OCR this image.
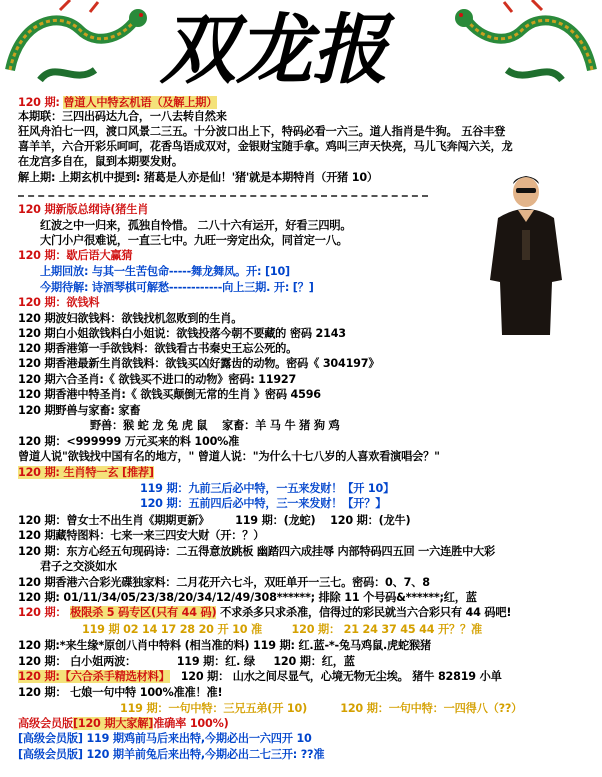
双龙报
120 期: 曾道人中特玄机语（及解上期）
本期联：三四出码达九合，一八去转自然来
狂风舟泊七一四，渡口风景二三五。十分波口出上下，特码必看一六三。道人指肖是牛狗。 五谷丰登
喜羊羊，六合开彩乐呵呵，花香鸟语成双对，金银财宝随手拿。鸡叫三声天快亮，马儿飞奔闯六关，龙
在龙宫多自在，鼠到本期要发财。
解上期: 上期玄机中提到: 猪葛是人亦是仙！'猪'就是本期特肖（开猪 10）
120 期新版总纲诗(猪生肖
红波之中一归来，孤独自怜惜。 二八十六有运开，好看三四明。
大门小户很难说，一直三七中。九旺一旁定出众，同首定一八。
120 期：歇后语大赢猜
上期回放: 与其一生苦包命-----舞龙舞凤。开: [10]
今期待解: 诗酒琴棋可解愁------------向上三期. 开: [？]
120 期：欲钱料
120 期波妇欲钱料：欲钱找机忽败到的生肖。
120 期白小姐欲钱料白小姐说：欲钱投落今朝不要藏的 密码 2143
120 期香港第一手欲钱料：欲钱看古书秦史王忘公死的。
120 期香港最新生肖欲钱料：欲钱买凶好露齿的动物。密码《 304197》
120 期六合圣肖:《 欲钱买不进口的动物》密码: 11927
120 期香港中特圣肖:《 欲钱买颠倒无常的生肖 》密码 4596
120 期野兽与家畜: 家畜
野兽：猴 蛇 龙 兔 虎 鼠 家畜：羊 马 牛 猪 狗 鸡
120 期：<999999 万元买来的料 100%准
曾道人说"欲钱找中国有名的地方，" 曾道人说："为什么十七八岁的人喜欢看演唱会？"
120 期: 生肖特一玄 [推荐]
119 期：九前三后必中特，一五来发财！【开 10】
120 期：五前四后必中特，三一来发财！【开？】
120 期：曾女士不出生肖《期期更新》 119 期：(龙蛇) 120 期：(龙牛)
120 期藏特图料：七来一来三四安大财（开：？）
120 期：东方心经五句现码诗：二五得意放跳板 幽踏四六成挂辱 内部特码四五回 一六连胜中大彩
君子之交淡如水
120 期香港六合彩光碟独家料：二月花开六七斗，双旺单开一三七。密码：0、7、8
120 期: 01/11/34/05/23/38/20/34/12/49/308******; 排除 11 个号码&******;红，蓝
120 期： 极限杀 5 码专区(只有 44 码) 不求杀多只求杀准，信得过的彩民就当六合彩只有 44 码吧!
119 期 02 14 17 28 20 开 10 准	120 期： 21 24 37 45 44 开？？准
120 期:*来生缘*原创八肖中特料 (相当准的料) 119 期: 红.蓝-*-兔马鸡鼠.虎蛇猴猪
120 期： 白小姐两波：	119 期：红. 绿 120 期：红，蓝
120 期:【六合杀手精选材料】 120 期： 山水之间尽显气，心境无物无尘埃。 猪牛 82819 小单
120 期： 七娘一句中特 100%准准！准!
119 期：一句中特：三兄五弟(开 10)	120 期：一句中特：一四得八（??）
高级会员版[120 期大家解]准确率 100%)
[高级会员版] 119 期鸡前马后来出特,今期必出一六四开 10
[高级会员版] 120 期羊前兔后来出特,今期必出二七三开: ??准
